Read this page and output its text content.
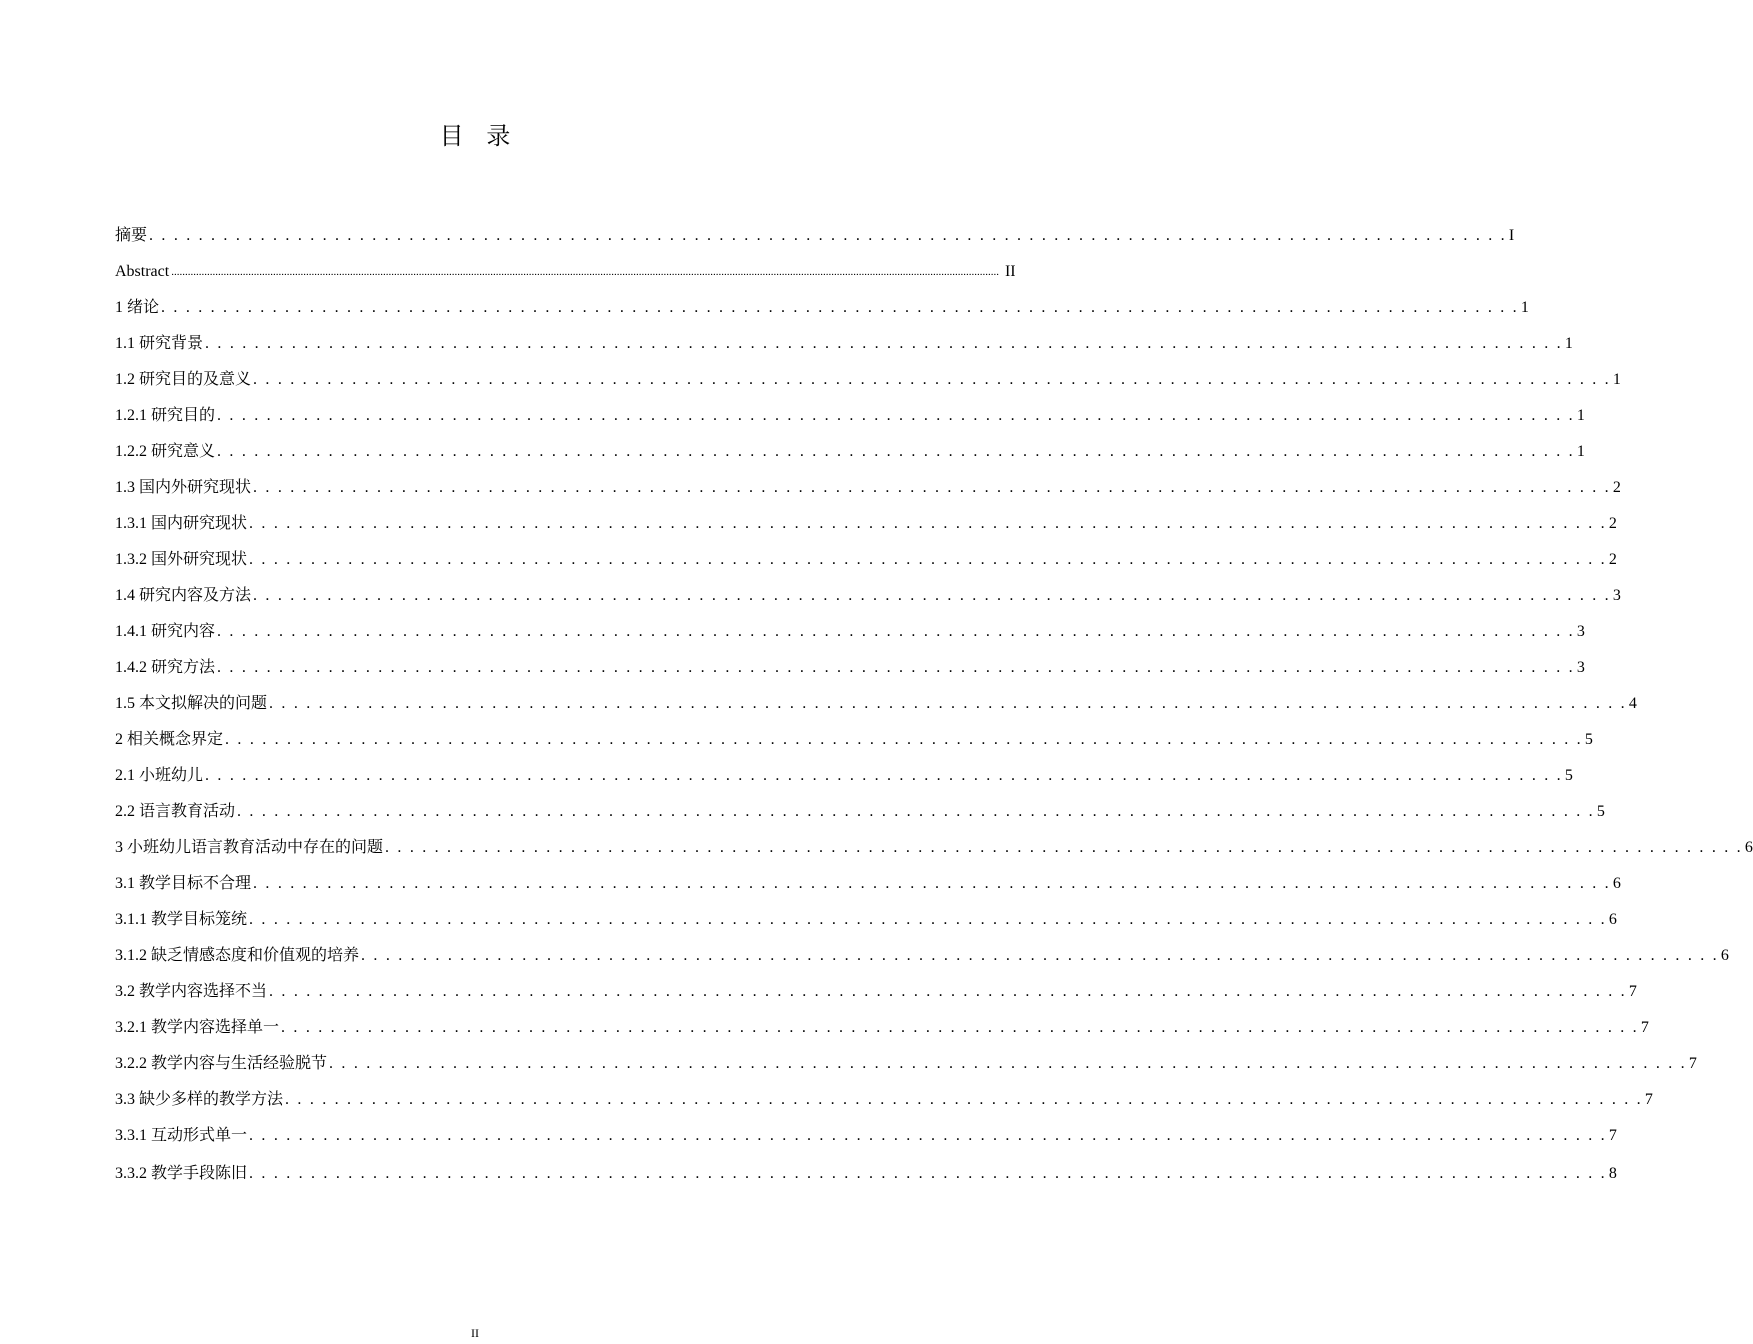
目录
摘要 . . . . . . . . . . . . . . . . . . . . . . . . . . . . . . . . . . . . . . . . . . . . . . . . . . . . . . . . . . . . . . . . . . . . . . . . . . . . . . . . . . . . . . . . . . . . . . . . . . . . . . . . . . . . . . I
Abstract ............................................................................................................................................................................................................................................................................................................. II
1 绪论 . . . . . . . . . . . . . . . . . . . . . . . . . . . . . . . . . . . . . . . . . . . . . . . . . . . . . . . . . . . . . . . . . . . . . . . . . . . . . . . . . . . . . . . . . . . . . . . . . . . . . . . . . . . . . . 1
1.1 研究背景 . . . . . . . . . . . . . . . . . . . . . . . . . . . . . . . . . . . . . . . . . . . . . . . . . . . . . . . . . . . . . . . . . . . . . . . . . . . . . . . . . . . . . . . . . . . . . . . . . . . . . . . . . . . . . . 1
1.2 研究目的及意义 . . . . . . . . . . . . . . . . . . . . . . . . . . . . . . . . . . . . . . . . . . . . . . . . . . . . . . . . . . . . . . . . . . . . . . . . . . . . . . . . . . . . . . . . . . . . . . . . . . . . . . . . . . . . . . 1
1.2.1 研究目的 . . . . . . . . . . . . . . . . . . . . . . . . . . . . . . . . . . . . . . . . . . . . . . . . . . . . . . . . . . . . . . . . . . . . . . . . . . . . . . . . . . . . . . . . . . . . . . . . . . . . . . . . . . . . . . 1
1.2.2 研究意义 . . . . . . . . . . . . . . . . . . . . . . . . . . . . . . . . . . . . . . . . . . . . . . . . . . . . . . . . . . . . . . . . . . . . . . . . . . . . . . . . . . . . . . . . . . . . . . . . . . . . . . . . . . . . . . 1
1.3 国内外研究现状 . . . . . . . . . . . . . . . . . . . . . . . . . . . . . . . . . . . . . . . . . . . . . . . . . . . . . . . . . . . . . . . . . . . . . . . . . . . . . . . . . . . . . . . . . . . . . . . . . . . . . . . . . . . . . . 2
1.3.1 国内研究现状 . . . . . . . . . . . . . . . . . . . . . . . . . . . . . . . . . . . . . . . . . . . . . . . . . . . . . . . . . . . . . . . . . . . . . . . . . . . . . . . . . . . . . . . . . . . . . . . . . . . . . . . . . . . . . . 2
1.3.2 国外研究现状 . . . . . . . . . . . . . . . . . . . . . . . . . . . . . . . . . . . . . . . . . . . . . . . . . . . . . . . . . . . . . . . . . . . . . . . . . . . . . . . . . . . . . . . . . . . . . . . . . . . . . . . . . . . . . . 2
1.4 研究内容及方法 . . . . . . . . . . . . . . . . . . . . . . . . . . . . . . . . . . . . . . . . . . . . . . . . . . . . . . . . . . . . . . . . . . . . . . . . . . . . . . . . . . . . . . . . . . . . . . . . . . . . . . . . . . . . . . 3
1.4.1 研究内容 . . . . . . . . . . . . . . . . . . . . . . . . . . . . . . . . . . . . . . . . . . . . . . . . . . . . . . . . . . . . . . . . . . . . . . . . . . . . . . . . . . . . . . . . . . . . . . . . . . . . . . . . . . . . . . 3
1.4.2 研究方法 . . . . . . . . . . . . . . . . . . . . . . . . . . . . . . . . . . . . . . . . . . . . . . . . . . . . . . . . . . . . . . . . . . . . . . . . . . . . . . . . . . . . . . . . . . . . . . . . . . . . . . . . . . . . . . 3
1.5 本文拟解决的问题 . . . . . . . . . . . . . . . . . . . . . . . . . . . . . . . . . . . . . . . . . . . . . . . . . . . . . . . . . . . . . . . . . . . . . . . . . . . . . . . . . . . . . . . . . . . . . . . . . . . . . . . . . . . . . . 4
2 相关概念界定 . . . . . . . . . . . . . . . . . . . . . . . . . . . . . . . . . . . . . . . . . . . . . . . . . . . . . . . . . . . . . . . . . . . . . . . . . . . . . . . . . . . . . . . . . . . . . . . . . . . . . . . . . . . . . . 5
2.1 小班幼儿 . . . . . . . . . . . . . . . . . . . . . . . . . . . . . . . . . . . . . . . . . . . . . . . . . . . . . . . . . . . . . . . . . . . . . . . . . . . . . . . . . . . . . . . . . . . . . . . . . . . . . . . . . . . . . . 5
2.2 语言教育活动 . . . . . . . . . . . . . . . . . . . . . . . . . . . . . . . . . . . . . . . . . . . . . . . . . . . . . . . . . . . . . . . . . . . . . . . . . . . . . . . . . . . . . . . . . . . . . . . . . . . . . . . . . . . . . . 5
3 小班幼儿语言教育活动中存在的问题 . . . . . . . . . . . . . . . . . . . . . . . . . . . . . . . . . . . . . . . . . . . . . . . . . . . . . . . . . . . . . . . . . . . . . . . . . . . . . . . . . . . . . . . . . . . . . . . . . . . . . . . . . . . . . . 6
3.1 教学目标不合理 . . . . . . . . . . . . . . . . . . . . . . . . . . . . . . . . . . . . . . . . . . . . . . . . . . . . . . . . . . . . . . . . . . . . . . . . . . . . . . . . . . . . . . . . . . . . . . . . . . . . . . . . . . . . . . 6
3.1.1 教学目标笼统 . . . . . . . . . . . . . . . . . . . . . . . . . . . . . . . . . . . . . . . . . . . . . . . . . . . . . . . . . . . . . . . . . . . . . . . . . . . . . . . . . . . . . . . . . . . . . . . . . . . . . . . . . . . . . . 6
3.1.2 缺乏情感态度和价值观的培养 . . . . . . . . . . . . . . . . . . . . . . . . . . . . . . . . . . . . . . . . . . . . . . . . . . . . . . . . . . . . . . . . . . . . . . . . . . . . . . . . . . . . . . . . . . . . . . . . . . . . . . . . . . . . . . 6
3.2 教学内容选择不当 . . . . . . . . . . . . . . . . . . . . . . . . . . . . . . . . . . . . . . . . . . . . . . . . . . . . . . . . . . . . . . . . . . . . . . . . . . . . . . . . . . . . . . . . . . . . . . . . . . . . . . . . . . . . . . 7
3.2.1 教学内容选择单一 . . . . . . . . . . . . . . . . . . . . . . . . . . . . . . . . . . . . . . . . . . . . . . . . . . . . . . . . . . . . . . . . . . . . . . . . . . . . . . . . . . . . . . . . . . . . . . . . . . . . . . . . . . . . . . 7
3.2.2 教学内容与生活经验脱节 . . . . . . . . . . . . . . . . . . . . . . . . . . . . . . . . . . . . . . . . . . . . . . . . . . . . . . . . . . . . . . . . . . . . . . . . . . . . . . . . . . . . . . . . . . . . . . . . . . . . . . . . . . . . . . 7
3.3 缺少多样的教学方法 . . . . . . . . . . . . . . . . . . . . . . . . . . . . . . . . . . . . . . . . . . . . . . . . . . . . . . . . . . . . . . . . . . . . . . . . . . . . . . . . . . . . . . . . . . . . . . . . . . . . . . . . . . . . . . 7
3.3.1 互动形式单一 . . . . . . . . . . . . . . . . . . . . . . . . . . . . . . . . . . . . . . . . . . . . . . . . . . . . . . . . . . . . . . . . . . . . . . . . . . . . . . . . . . . . . . . . . . . . . . . . . . . . . . . . . . . . . . 7
3.3.2 教学手段陈旧 . . . . . . . . . . . . . . . . . . . . . . . . . . . . . . . . . . . . . . . . . . . . . . . . . . . . . . . . . . . . . . . . . . . . . . . . . . . . . . . . . . . . . . . . . . . . . . . . . . . . . . . . . . . . . . 8
II
